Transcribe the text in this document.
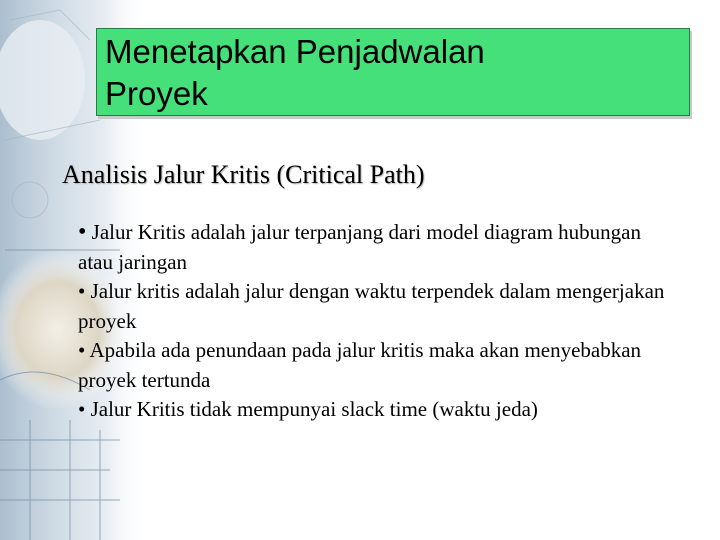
Menetapkan Penjadwalan
Proyek
Analisis Jalur Kritis (Critical Path)
• Jalur Kritis adalah jalur terpanjang dari model diagram hubungan atau jaringan
• Jalur kritis adalah jalur dengan waktu terpendek dalam mengerjakan proyek
• Apabila ada penundaan pada jalur kritis maka akan menyebabkan proyek tertunda
• Jalur Kritis tidak mempunyai slack time (waktu jeda)
